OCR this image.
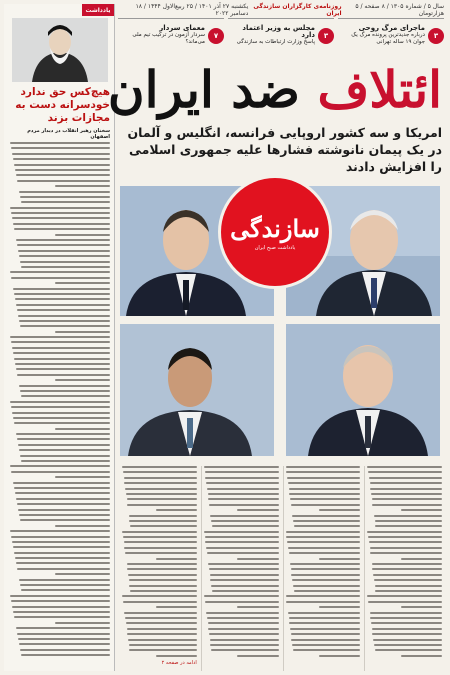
یادداشت
هیچ‌کس حق ندارد خودسرانه دست به مجازات بزند
سخنان رهبر انقلاب در دیدار مردم اصفهان
سال ۵ / شماره ۱۳۰۵ / ۸ صفحه / ۵ هزارتومان
روزنامه‌ی کارگزاران سازندگی ایران
یکشنبه ۲۷ آذر ۱۴۰۱ / ۲۵ ربیع‌الاول ۱۴۴۴ / ۱۸ دسامبر ۲۰۲۲
۳
ماجرای مرگ روحی
درباره جدیدترین پرونده مرگ یک جوان ۱۹ ساله تهرانی
۳
مجلس به وزیر اعتماد دارد
پاسخ وزارت ارتباطات به سازندگی
۷
معمای سردار
سردار آزمون در ترکیب تیم ملی می‌ماند؟
ائتلاف ضد ایران
امریکا و سه کشور اروپایی فرانسه، انگلیس و آلمان در یک پیمان نانوشته فشارها علیه جمهوری اسلامی را افزایش دادند
سازندگی
یادداشت صبح ایران
ادامه در صفحه ۲
